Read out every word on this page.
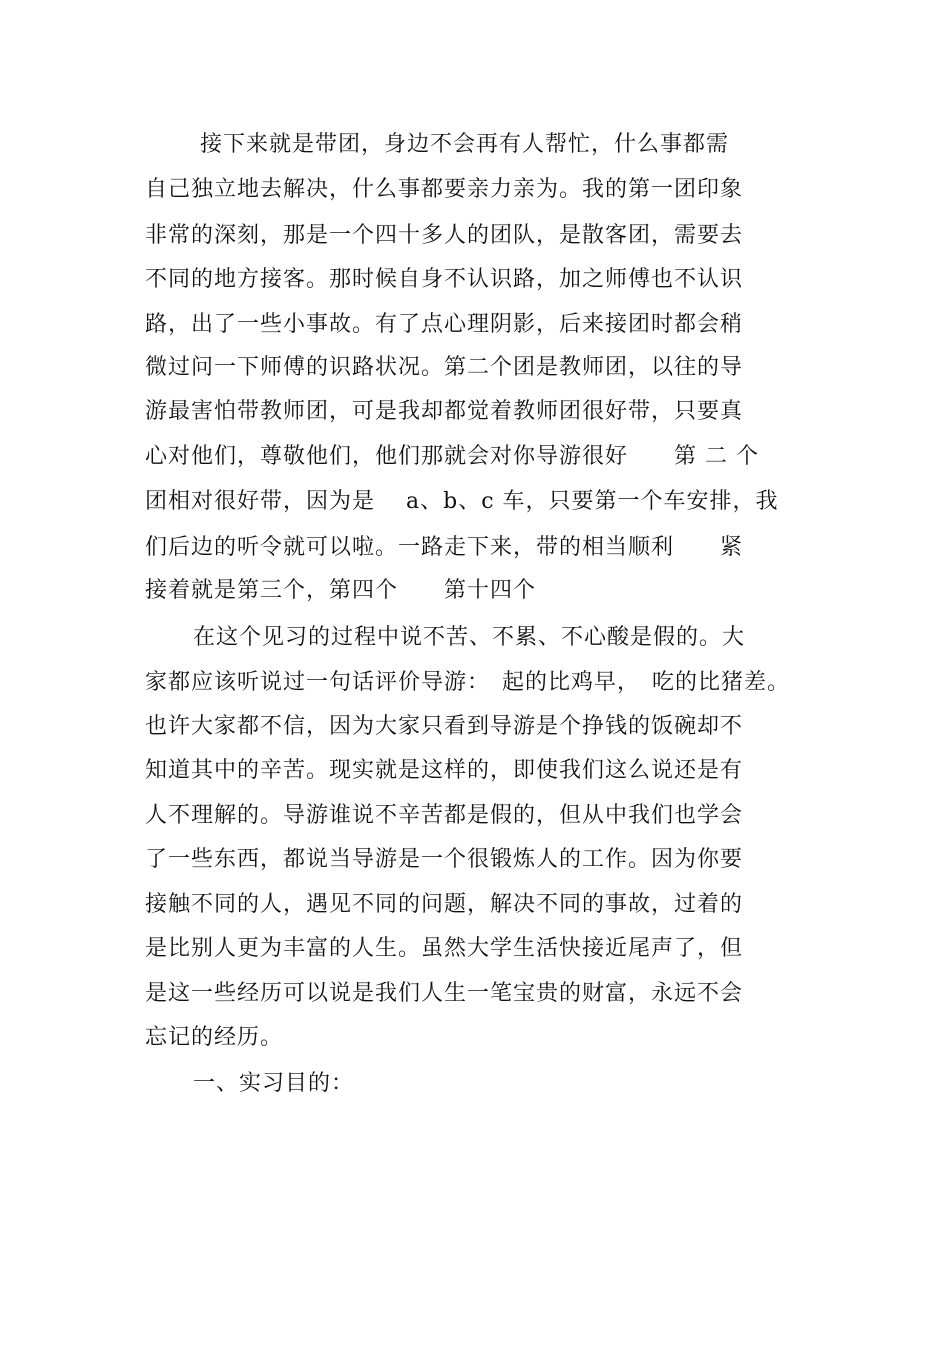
接下来就是带团，身边不会再有人帮忙，什么事都需
自己独立地去解决，什么事都要亲力亲为。我的第一团印象
非常的深刻，那是一个四十多人的团队，是散客团，需要去
不同的地方接客。那时候自身不认识路，加之师傅也不认识
路，出了一些小事故。有了点心理阴影，后来接团时都会稍
微过问一下师傅的识路状况。第二个团是教师团，以往的导
游最害怕带教师团，可是我却都觉着教师团很好带，只要真
心对他们，尊敬他们，他们那就会对你导游很好　　第 二 个
团相对很好带，因为是　 a、b、c 车，只要第一个车安排，我
们后边的听令就可以啦。一路走下来，带的相当顺利　　紧
接着就是第三个，第四个　　第十四个
在这个见习的过程中说不苦、不累、不心酸是假的。大
家都应该听说过一句话评价导游：　起的比鸡早，　吃的比猪差。
也许大家都不信，因为大家只看到导游是个挣钱的饭碗却不
知道其中的辛苦。现实就是这样的，即使我们这么说还是有
人不理解的。导游谁说不辛苦都是假的，但从中我们也学会
了一些东西，都说当导游是一个很锻炼人的工作。因为你要
接触不同的人，遇见不同的问题，解决不同的事故，过着的
是比别人更为丰富的人生。虽然大学生活快接近尾声了，但
是这一些经历可以说是我们人生一笔宝贵的财富，永远不会
忘记的经历。
一、实习目的：
